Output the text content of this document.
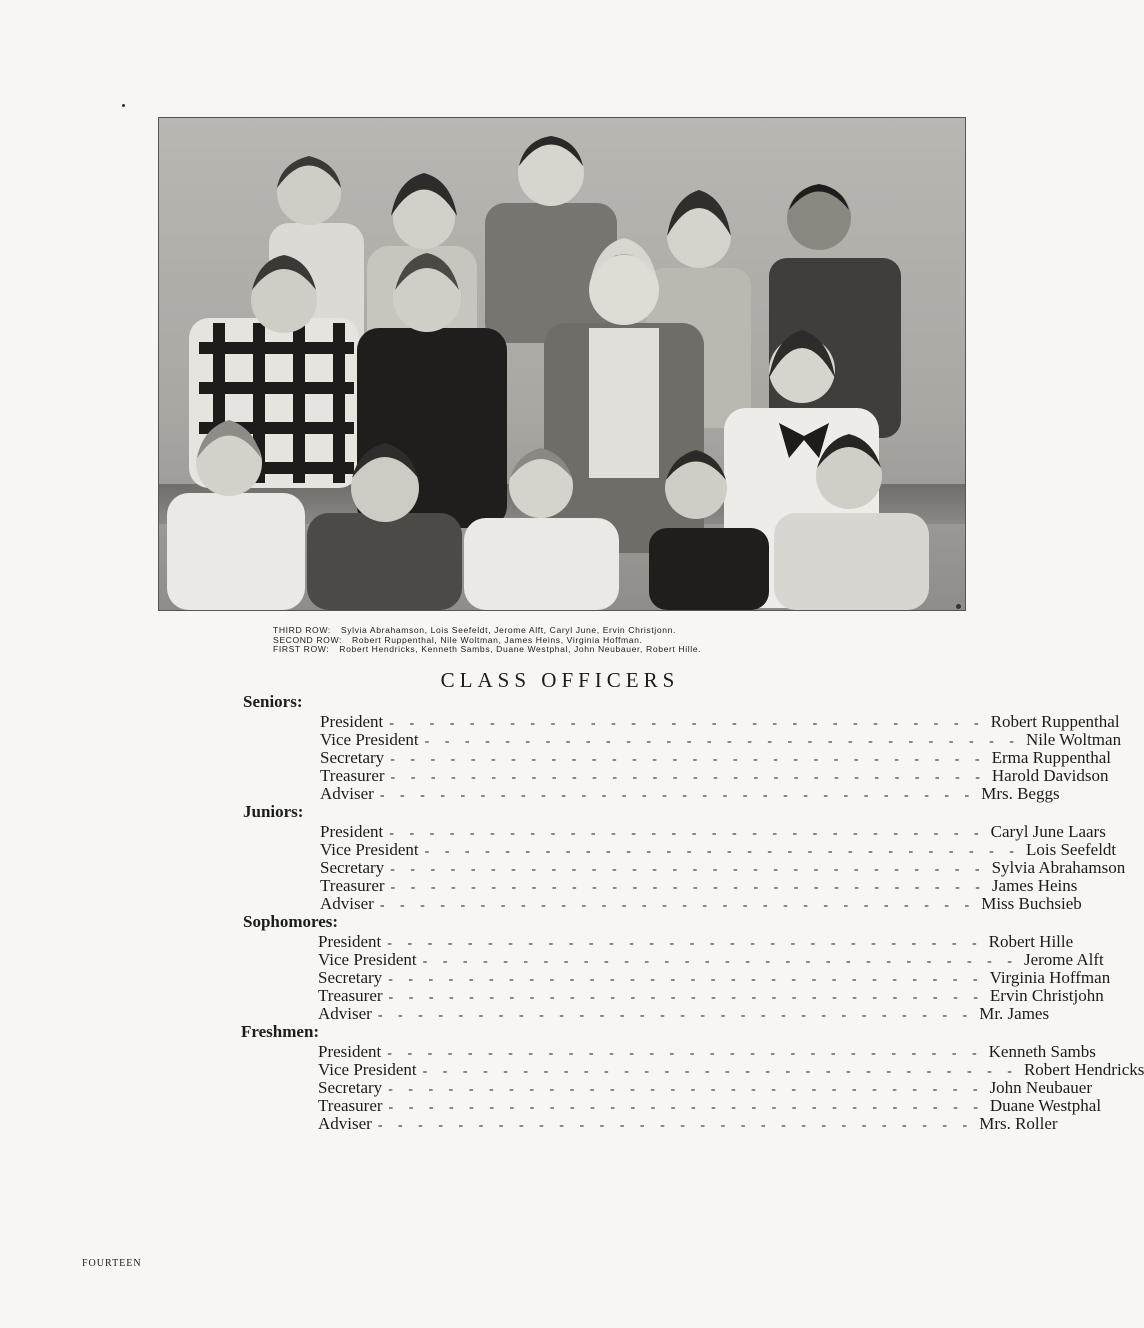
THIRD ROW: Sylvia Abrahamson, Lois Seefeldt, Jerome Alft, Caryl June, Ervin Christjonn.
SECOND ROW: Robert Ruppenthal, Nile Woltman, James Heins, Virginia Hoffman.
FIRST ROW: Robert Hendricks, Kenneth Sambs, Duane Westphal, John Neubauer, Robert Hille.
CLASS OFFICERS
Seniors:
President - - - - - - - - - - - - - - - - - - - - - - - - - - - - - - Robert Ruppenthal
Vice President - - - - - - - - - - - - - - - - - - - - - - - - - - - - - - Nile Woltman
Secretary - - - - - - - - - - - - - - - - - - - - - - - - - - - - - - Erma Ruppenthal
Treasurer - - - - - - - - - - - - - - - - - - - - - - - - - - - - - - Harold Davidson
Adviser - - - - - - - - - - - - - - - - - - - - - - - - - - - - - - Mrs. Beggs
Juniors:
President - - - - - - - - - - - - - - - - - - - - - - - - - - - - - - Caryl June Laars
Vice President - - - - - - - - - - - - - - - - - - - - - - - - - - - - - - Lois Seefeldt
Secretary - - - - - - - - - - - - - - - - - - - - - - - - - - - - - - Sylvia Abrahamson
Treasurer - - - - - - - - - - - - - - - - - - - - - - - - - - - - - - James Heins
Adviser - - - - - - - - - - - - - - - - - - - - - - - - - - - - - - Miss Buchsieb
Sophomores:
President - - - - - - - - - - - - - - - - - - - - - - - - - - - - - - Robert Hille
Vice President - - - - - - - - - - - - - - - - - - - - - - - - - - - - - - Jerome Alft
Secretary - - - - - - - - - - - - - - - - - - - - - - - - - - - - - - Virginia Hoffman
Treasurer - - - - - - - - - - - - - - - - - - - - - - - - - - - - - - Ervin Christjohn
Adviser - - - - - - - - - - - - - - - - - - - - - - - - - - - - - - Mr. James
Freshmen:
President - - - - - - - - - - - - - - - - - - - - - - - - - - - - - - Kenneth Sambs
Vice President - - - - - - - - - - - - - - - - - - - - - - - - - - - - - - Robert Hendricks
Secretary - - - - - - - - - - - - - - - - - - - - - - - - - - - - - - John Neubauer
Treasurer - - - - - - - - - - - - - - - - - - - - - - - - - - - - - - Duane Westphal
Adviser - - - - - - - - - - - - - - - - - - - - - - - - - - - - - - Mrs. Roller
FOURTEEN
